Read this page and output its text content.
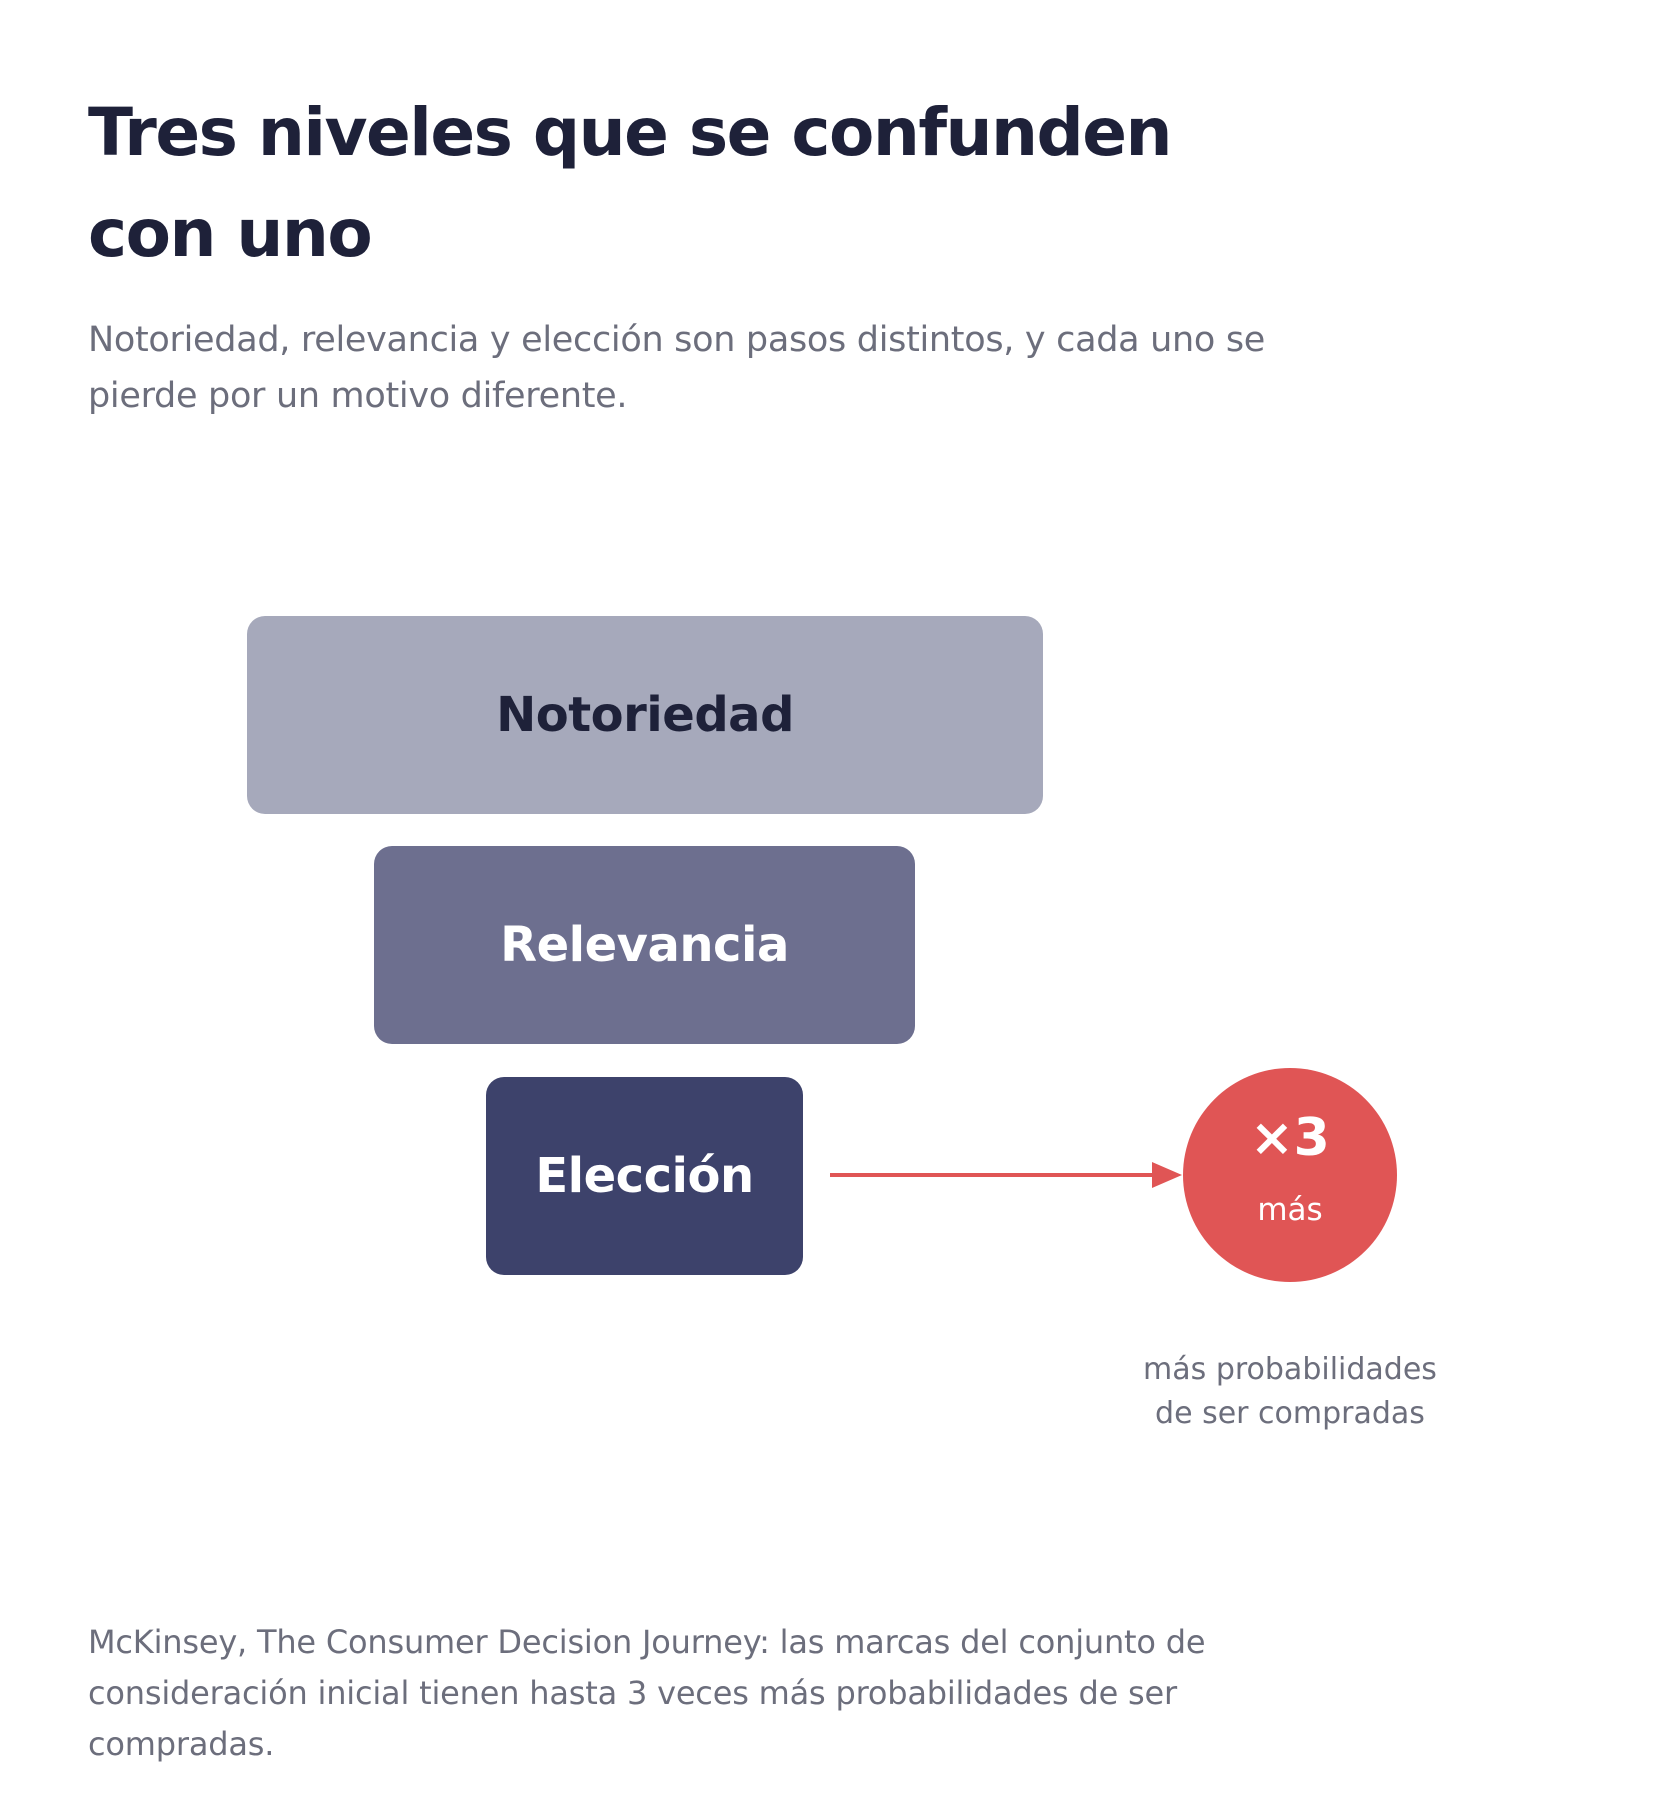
Tres niveles que se confunden con uno

Notoriedad, relevancia y elección son pasos distintos, y cada uno se pierde por un motivo diferente.

Notoriedad
Relevancia
Elección
×3
más
más probabilidades
de ser compradas

McKinsey, The Consumer Decision Journey: las marcas del conjunto de consideración inicial tienen hasta 3 veces más probabilidades de ser compradas.
